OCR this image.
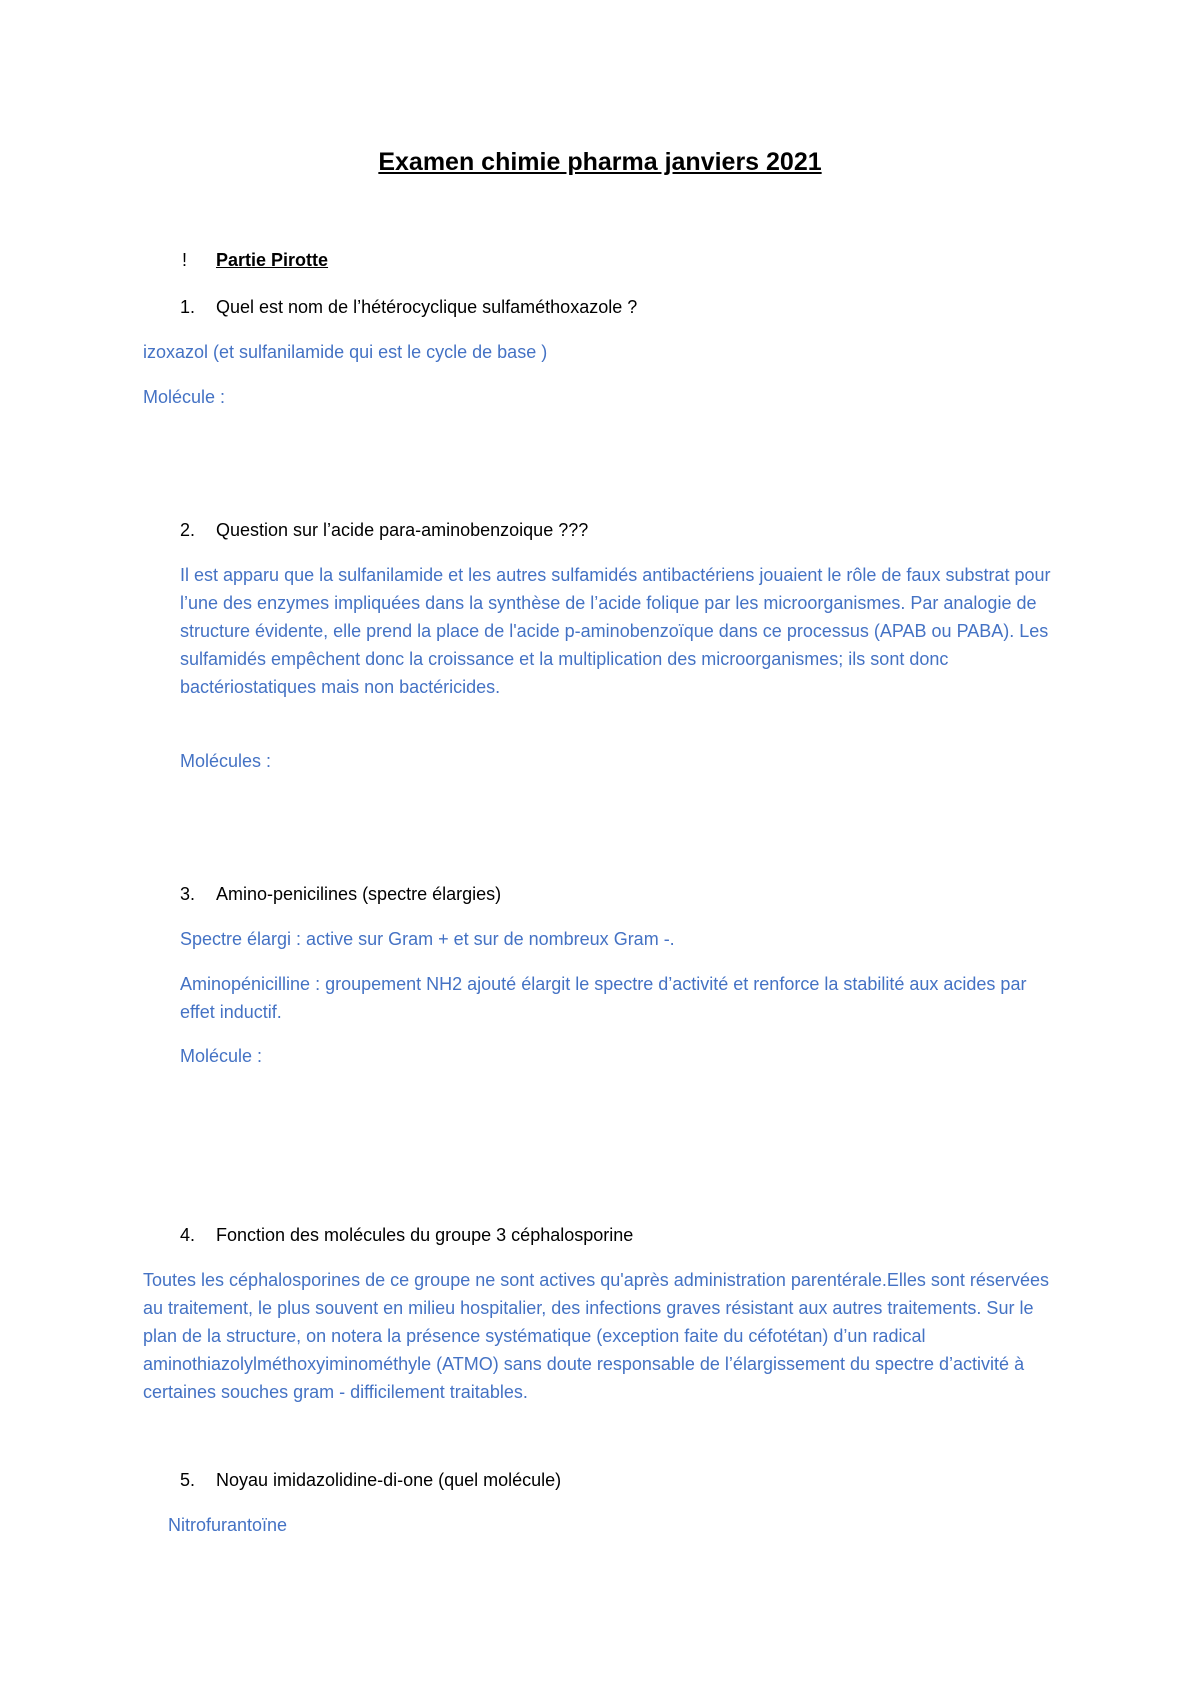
Examen chimie pharma janviers 2021
! Partie Pirotte
1. Quel est nom de l’hétérocyclique sulfaméthoxazole ?
izoxazol (et sulfanilamide qui est le cycle de base )
Molécule :
2. Question sur l’acide para-aminobenzoique ???
Il est apparu que la sulfanilamide et les autres sulfamidés antibactériens jouaient le rôle de faux substrat pour l’une des enzymes impliquées dans la synthèse de l’acide folique par les microorganismes. Par analogie de structure évidente, elle prend la place de l'acide p-aminobenzoïque dans ce processus (APAB ou PABA). Les sulfamidés empêchent donc la croissance et la multiplication des microorganismes; ils sont donc bactériostatiques mais non bactéricides.
Molécules :
3. Amino-penicilines (spectre élargies)
Spectre élargi : active sur Gram + et sur de nombreux Gram -.
Aminopénicilline : groupement NH2 ajouté élargit le spectre d’activité et renforce la stabilité aux acides par effet inductif.
Molécule :
4. Fonction des molécules du groupe 3 céphalosporine
Toutes les céphalosporines de ce groupe ne sont actives qu'après administration parentérale.Elles sont réservées au traitement, le plus souvent en milieu hospitalier, des infections graves résistant aux autres traitements. Sur le plan de la structure, on notera la présence systématique (exception faite du céfotétan) d’un radical aminothiazolylméthoxyiminométhyle (ATMO) sans doute responsable de l’élargissement du spectre d’activité à certaines souches gram - difficilement traitables.
5. Noyau imidazolidine-di-one (quel molécule)
Nitrofurantoïne
